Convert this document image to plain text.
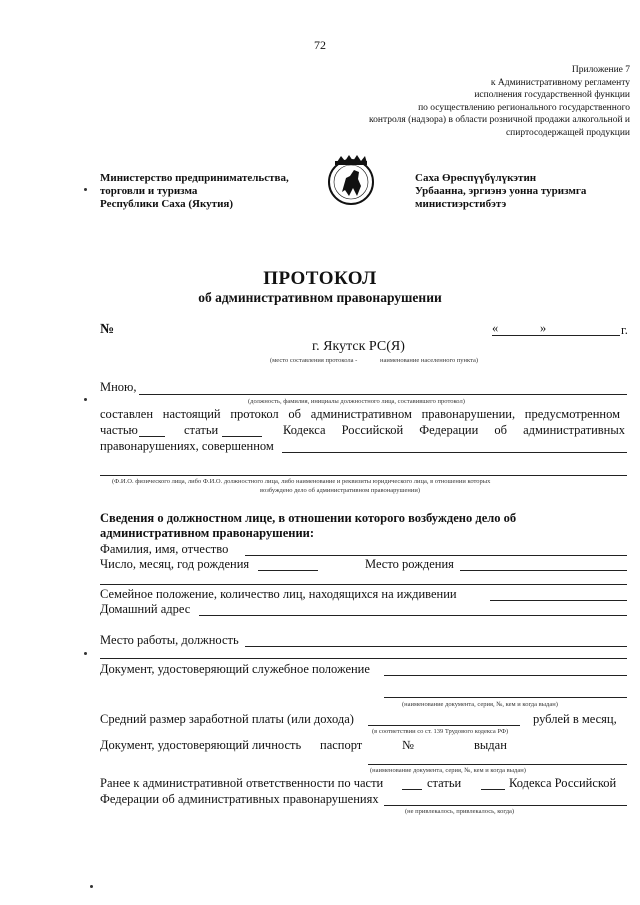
72
Приложение 7
к Административному регламенту
исполнения государственной функции
по осуществлению регионального государственного
контроля (надзора) в области розничной продажи алкогольной и
спиртосодержащей продукции
Министерство предпринимательства,
торговли и туризма
Республики Саха (Якутия)
Саха Өрөспүүбүлүкэтин
Урбаанна, эргиэнэ уонна туризмга
министиэрстибэтэ
ПРОТОКОЛ
об административном правонарушении
№	«	»	г.
г. Якутск РС(Я)
(место составления протокола -	наименование населенного пункта)
Мною,
(должность, фамилия, инициалы должностного лица, составившего протокол)
составлен настоящий протокол об административном правонарушении, предусмотренном
частью	статьи	Кодекса Российской Федерации об административных
правонарушениях, совершенном
(Ф.И.О. физического лица, либо Ф.И.О. должностного лица, либо наименование и реквизиты юридического лица, в отношении которых
возбуждено дело об административном правонарушении)
Сведения о должностном лице, в отношении которого возбуждено дело об
административном правонарушении:
Фамилия, имя, отчество
Число, месяц, год рождения	Место рождения
Семейное положение, количество лиц, находящихся на иждивении
Домашний адрес
Место работы, должность
Документ, удостоверяющий служебное положение
(наименование документа, серия, №, кем и когда выдан)
Средний размер заработной платы (или дохода)	рублей в месяц,
(в соответствии со ст. 139 Трудового кодекса РФ)
Документ, удостоверяющий личность паспорт	№	выдан
(наименование документа, серия, №, кем и когда выдан)
Ранее к административной ответственности по части	статьи	Кодекса Российской
Федерации об административных правонарушениях
(не привлекалось, привлекалось, когда)
